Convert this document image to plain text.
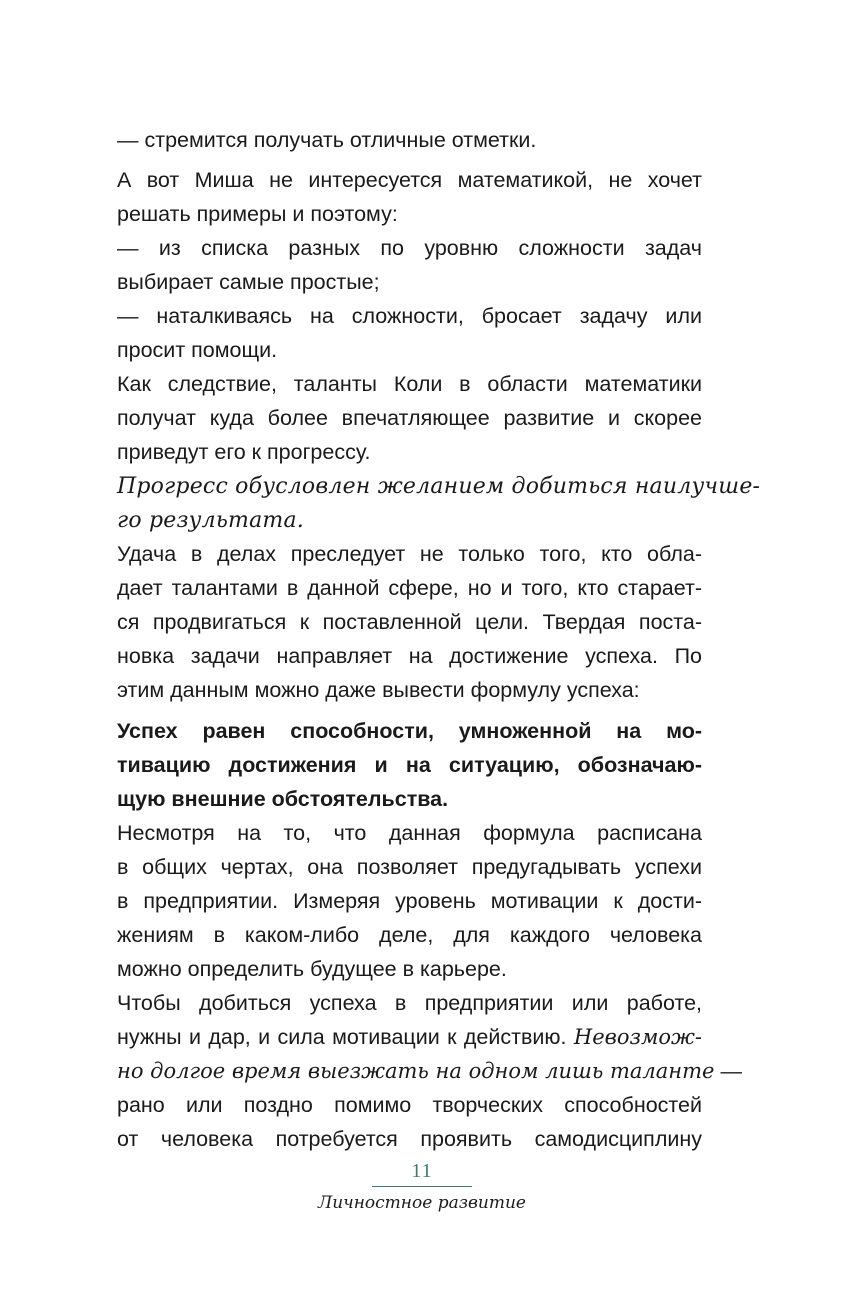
— стремится получать отличные отметки.
А вот Миша не интересуется математикой, не хочет
решать примеры и поэтому:
— из списка разных по уровню сложности задач
выбирает самые простые;
— наталкиваясь на сложности, бросает задачу или
просит помощи.
Как следствие, таланты Коли в области математики
получат куда более впечатляющее развитие и скорее
приведут его к прогрессу.
Прогресс обусловлен желанием добиться наилучше-
го результата.
Удача в делах преследует не только того, кто обла-
дает талантами в данной сфере, но и того, кто старает-
ся продвигаться к поставленной цели. Твердая поста-
новка задачи направляет на достижение успеха. По
этим данным можно даже вывести формулу успеха:
Успех равен способности, умноженной на мо-
тивацию достижения и на ситуацию, обозначаю-
щую внешние обстоятельства.
Несмотря на то, что данная формула расписана
в общих чертах, она позволяет предугадывать успехи
в предприятии. Измеряя уровень мотивации к дости-
жениям в каком-либо деле, для каждого человека
можно определить будущее в карьере.
Чтобы добиться успеха в предприятии или работе,
нужны и дар, и сила мотивации к действию. Невозмож-
но долгое время выезжать на одном лишь таланте —
рано или поздно помимо творческих способностей
от человека потребуется проявить самодисциплину
11
Личностное развитие
